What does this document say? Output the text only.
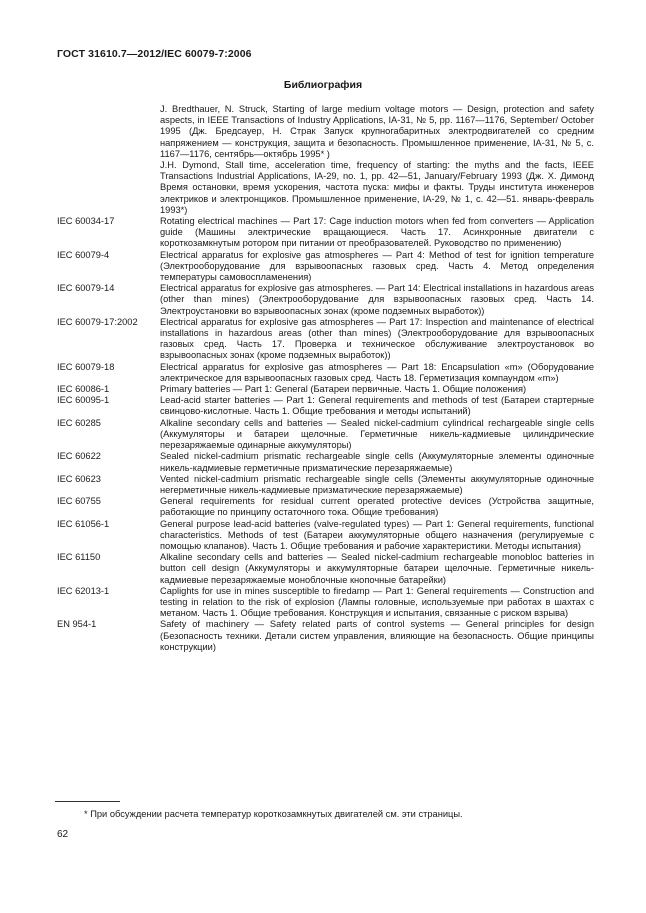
ГОСТ 31610.7—2012/IEC 60079-7:2006
Библиография
J. Bredthauer, N. Struck, Starting of large medium voltage motors — Design, protection and safety aspects, in IEEE Transactions of Industry Applications, IA-31, № 5, pp. 1167—1176, September/ October 1995 (Дж. Бредсауер, Н. Страк Запуск крупногабаритных электродвигателей со средним напряжением — конструкция, защита и безопасность. Промышленное применение, IA-31, № 5, с. 1167—1176, сентябрь—октябрь 1995* )
J.H. Dymond, Stall time, acceleration time, frequency of starting: the myths and the facts, IEEE Transactions Industrial Applications, IA-29, no. 1, pp. 42—51, January/February 1993 (Дж. Х. Димонд Время остановки, время ускорения, частота пуска: мифы и факты. Труды института инженеров электриков и электронщиков. Промышленное применение, IA-29, № 1, с. 42—51. январь-февраль 1993*)
IEC 60034-17	Rotating electrical machines — Part 17: Cage induction motors when fed from converters — Application guide (Машины электрические вращающиеся. Часть 17. Асинхронные двигатели с короткозамкнутым ротором при питании от преобразователей. Руководство по применению)
IEC 60079-4	Electrical apparatus for explosive gas atmospheres — Part 4: Method of test for ignition temperature (Электрооборудование для взрывоопасных газовых сред. Часть 4. Метод определения температуры самовоспламенения)
IEC 60079-14	Electrical apparatus for explosive gas atmospheres. — Part 14: Electrical installations in hazardous areas (other than mines) (Электрооборудование для взрывоопасных газовых сред. Часть 14. Электроустановки во взрывоопасных зонах (кроме подземных выработок))
IEC 60079-17:2002	Electrical apparatus for explosive gas atmospheres — Part 17: Inspection and maintenance of electrical installations in hazardous areas (other than mines) (Электрооборудование для взрывоопасных газовых сред. Часть 17. Проверка и техническое обслуживание электроустановок во взрывоопасных зонах (кроме подземных выработок))
IEC 60079-18	Electrical apparatus for explosive gas atmospheres — Part 18: Encapsulation «m» (Оборудование электрическое для взрывоопасных газовых сред. Часть 18. Герметизация компаундом «m»)
IEC 60086-1	Primary batteries — Part 1: General (Батареи первичные. Часть 1. Общие положения)
IEC 60095-1	Lead-acid starter batteries — Part 1: General requirements and methods of test (Батареи стартерные свинцово-кислотные. Часть 1. Общие требования и методы испытаний)
IEC 60285	Alkaline secondary cells and batteries — Sealed nickel-cadmium cylindrical rechargeable single cells (Аккумуляторы и батареи щелочные. Герметичные никель-кадмиевые цилиндрические перезаряжаемые одинарные аккумуляторы)
IEC 60622	Sealed nickel-cadmium prismatic rechargeable single cells (Аккумуляторные элементы одиночные никель-кадмиевые герметичные призматические перезаряжаемые)
IEC 60623	Vented nickel-cadmium prismatic rechargeable single cells (Элементы аккумуляторные одиночные негерметичные никель-кадмиевые призматические перезаряжаемые)
IEC 60755	General requirements for residual current operated protective devices (Устройства защитные, работающие по принципу остаточного тока. Общие требования)
IEC 61056-1	General purpose lead-acid batteries (valve-regulated types) — Part 1: General requirements, functional characteristics. Methods of test (Батареи аккумуляторные общего назначения (регулируемые с помощью клапанов). Часть 1. Общие требования и рабочие характеристики. Методы испытания)
IEC 61150	Alkaline secondary cells and batteries — Sealed nickel-cadmium rechargeable monobloc batteries in button cell design (Аккумуляторы и аккумуляторные батареи щелочные. Герметичные никель-кадмиевые перезаряжаемые моноблочные кнопочные батарейки)
IEC 62013-1	Caplights for use in mines susceptible to firedamp — Part 1: General requirements — Construction and testing in relation to the risk of explosion (Лампы головные, используемые при работах в шахтах с метаном. Часть 1. Общие требования. Конструкция и испытания, связанные с риском взрыва)
EN 954-1	Safety of machinery — Safety related parts of control systems — General principles for design (Безопасность техники. Детали систем управления, влияющие на безопасность. Общие принципы конструкции)
* При обсуждении расчета температур короткозамкнутых двигателей см. эти страницы.
62
